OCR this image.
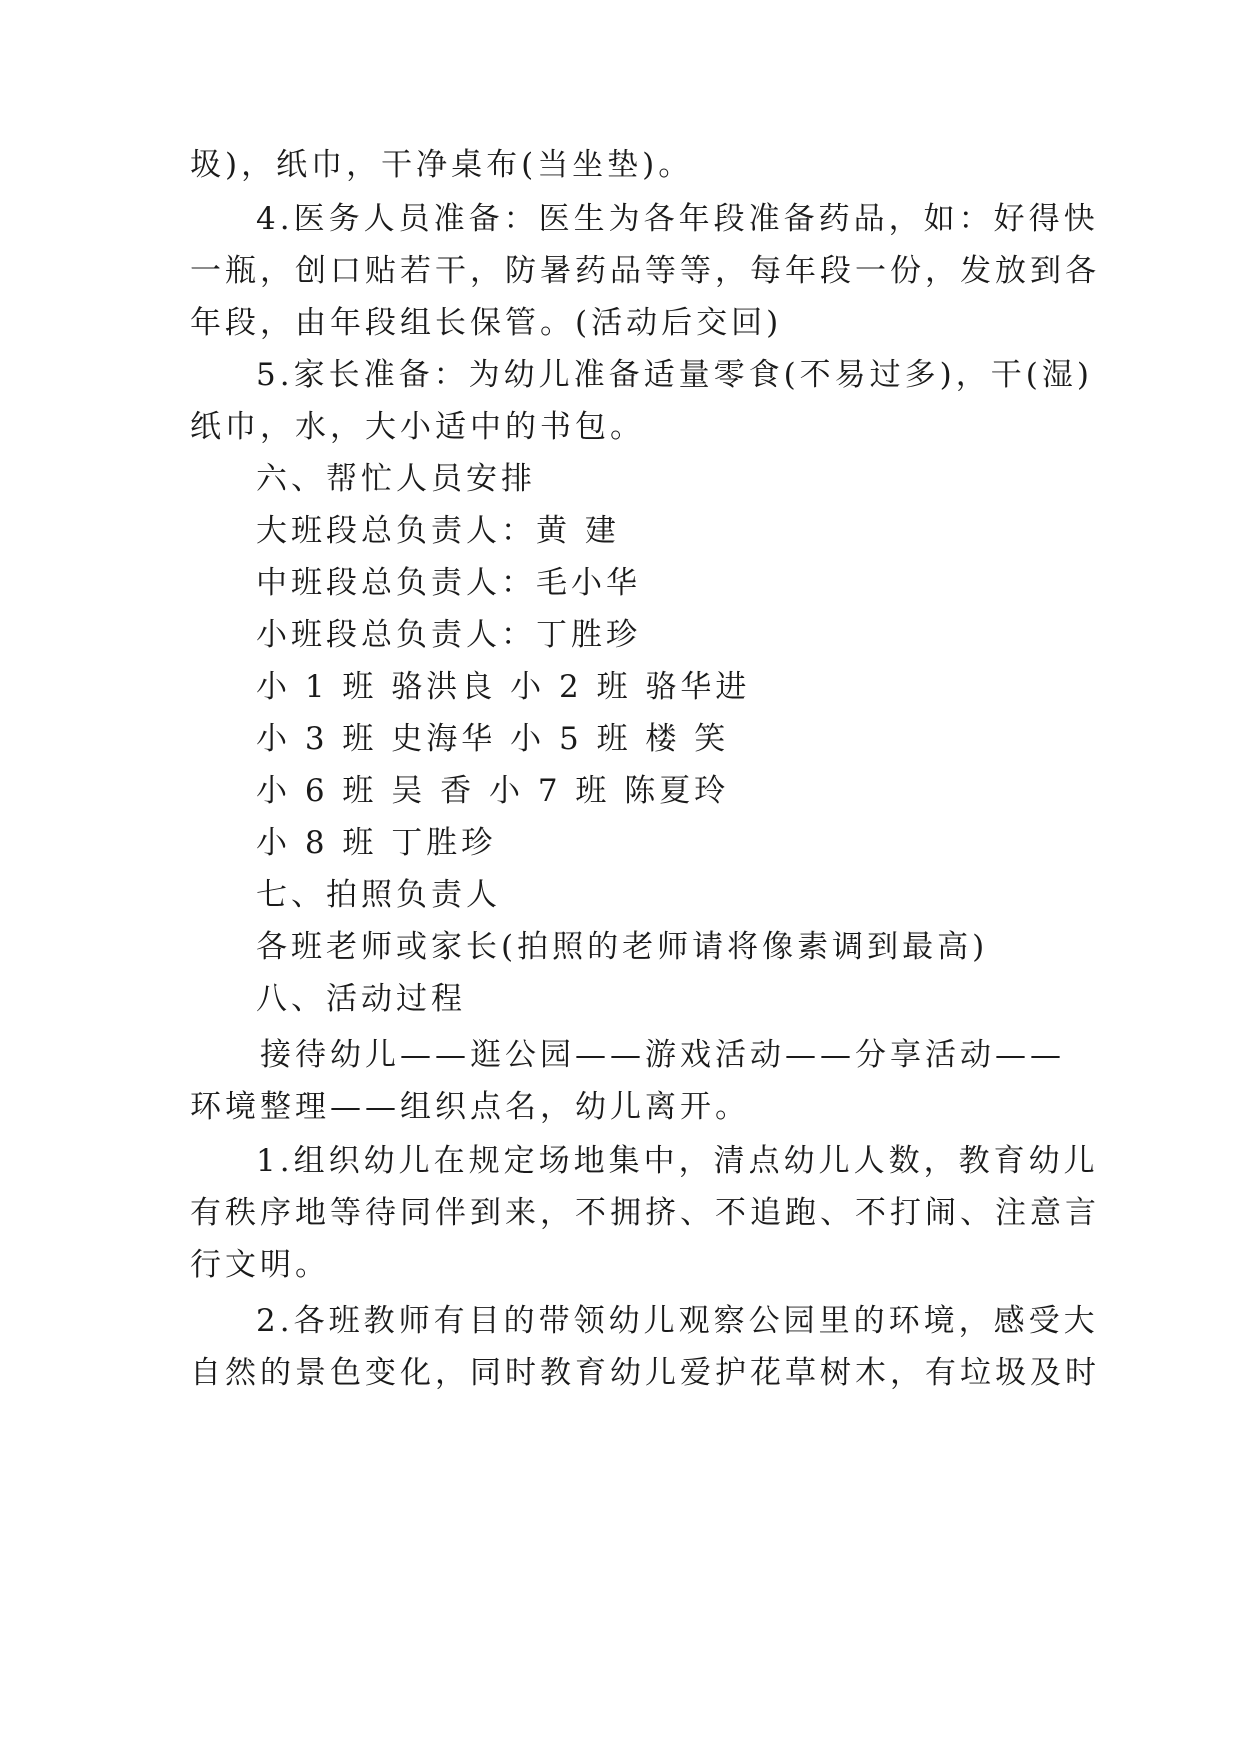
圾)，纸巾，干净桌布(当坐垫)。
4.医务人员准备：医生为各年段准备药品，如：好得快
一瓶，创口贴若干，防暑药品等等，每年段一份，发放到各
年段，由年段组长保管。(活动后交回)
5.家长准备：为幼儿准备适量零食(不易过多)，干(湿)
纸巾，水，大小适中的书包。
六、帮忙人员安排
大班段总负责人：黄 建
中班段总负责人：毛小华
小班段总负责人：丁胜珍
小 1 班 骆洪良 小 2 班 骆华进
小 3 班 史海华 小 5 班 楼 笑
小 6 班 吴 香 小 7 班 陈夏玲
小 8 班 丁胜珍
七、拍照负责人
各班老师或家长(拍照的老师请将像素调到最高)
八、活动过程
接待幼儿——逛公园——游戏活动——分享活动——
环境整理——组织点名，幼儿离开。
1.组织幼儿在规定场地集中，清点幼儿人数，教育幼儿
有秩序地等待同伴到来，不拥挤、不追跑、不打闹、注意言
行文明。
2.各班教师有目的带领幼儿观察公园里的环境，感受大
自然的景色变化，同时教育幼儿爱护花草树木，有垃圾及时
